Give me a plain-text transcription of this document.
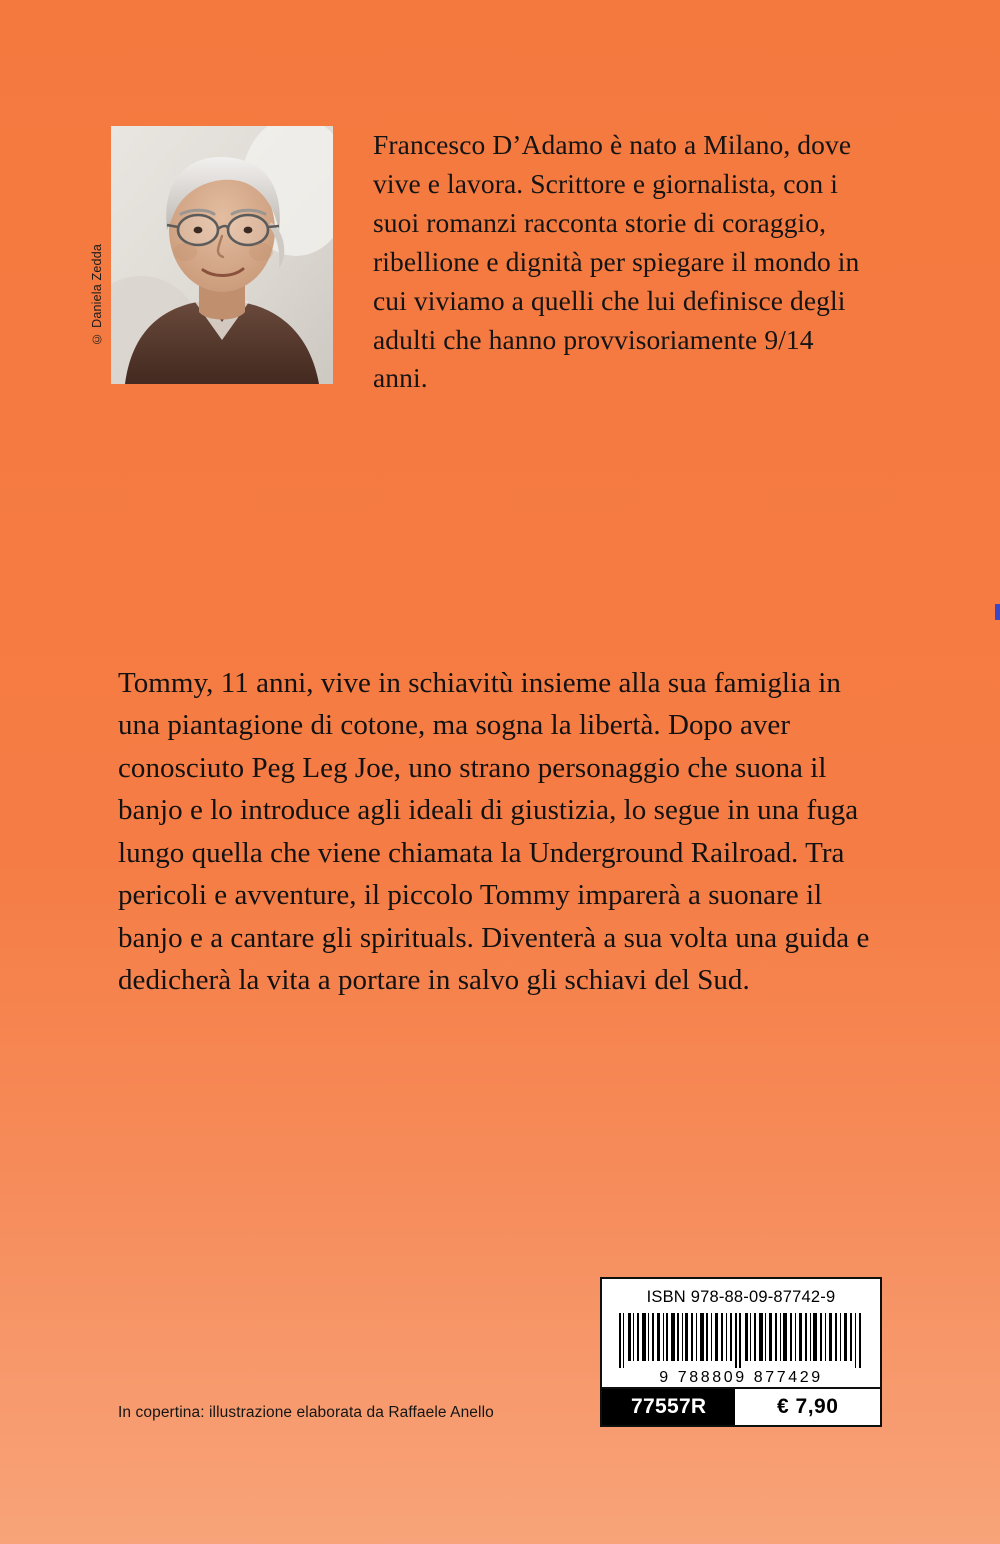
© Daniela Zedda
Francesco D’Adamo è nato a Milano, dove vive e lavora. Scrittore e giornalista, con i suoi romanzi racconta storie di coraggio, ribellione e dignità per spiegare il mondo in cui viviamo a quelli che lui definisce degli adulti che hanno provvisoriamente 9/14 anni.
Tommy, 11 anni, vive in schiavitù insieme alla sua famiglia in una piantagione di cotone, ma sogna la libertà. Dopo aver conosciuto Peg Leg Joe, uno strano personaggio che suona il banjo e lo introduce agli ideali di giustizia, lo segue in una fuga lungo quella che viene chiamata la Underground Railroad. Tra pericoli e avventure, il piccolo Tommy imparerà a suonare il banjo e a cantare gli spirituals. Diventerà a sua volta una guida e dedicherà la vita a portare in salvo gli schiavi del Sud.
In copertina: illustrazione elaborata da Raffaele Anello
ISBN 978-88-09-87742-9
9 788809 877429
77557R	€ 7,90
